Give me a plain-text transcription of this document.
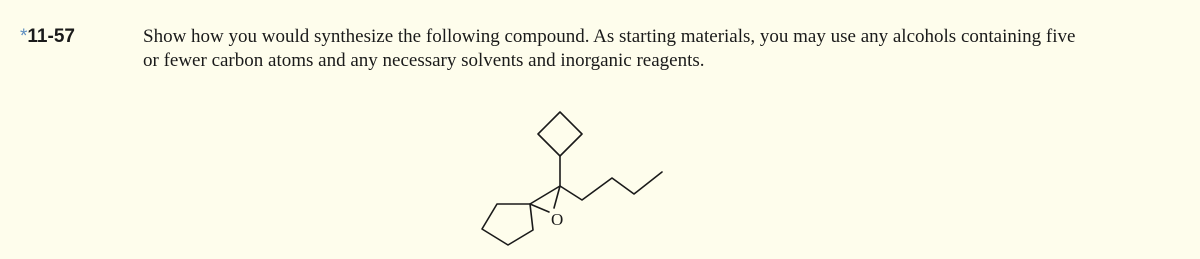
*11-57	Show how you would synthesize the following compound. As starting materials, you may use any alcohols containing five
or fewer carbon atoms and any necessary solvents and inorganic reagents.
O
